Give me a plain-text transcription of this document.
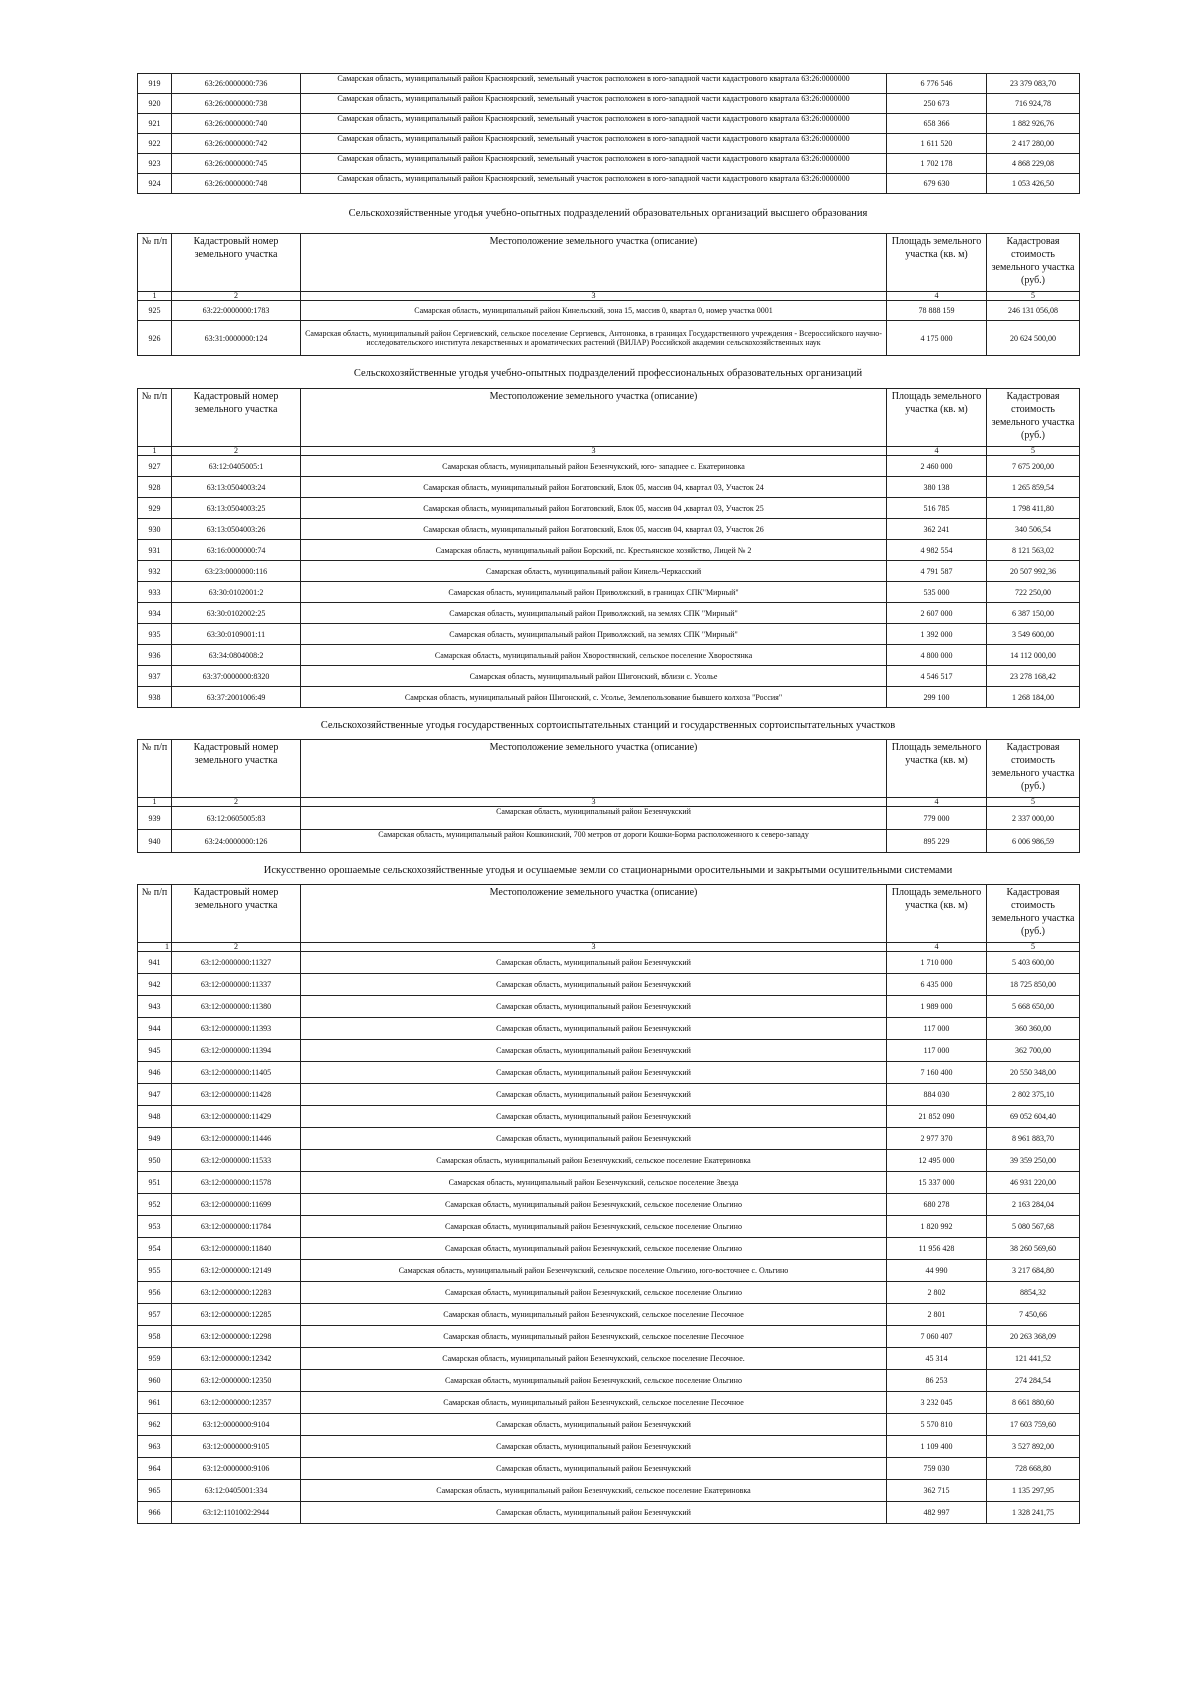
919	63:26:0000000:736	Самарская область, муниципальный район Красноярский, земельный участок расположен в юго-западной части кадастрового квартала 63:26:0000000	6 776 546	23 379 083,70
920	63:26:0000000:738	Самарская область, муниципальный район Красноярский, земельный участок расположен в юго-западной части кадастрового квартала 63:26:0000000	250 673	716 924,78
921	63:26:0000000:740	Самарская область, муниципальный район Красноярский, земельный участок расположен в юго-западной части кадастрового квартала 63:26:0000000	658 366	1 882 926,76
922	63:26:0000000:742	Самарская область, муниципальный район Красноярский, земельный участок расположен в юго-западной части кадастрового квартала 63:26:0000000	1 611 520	2 417 280,00
923	63:26:0000000:745	Самарская область, муниципальный район Красноярский, земельный участок расположен в юго-западной части кадастрового квартала 63:26:0000000	1 702 178	4 868 229,08
924	63:26:0000000:748	Самарская область, муниципальный район Красноярский, земельный участок расположен в юго-западной части кадастрового квартала 63:26:0000000	679 630	1 053 426,50

Сельскохозяйственные угодья учебно-опытных подразделений образовательных организаций высшего образования

№ п/п	Кадастровый номер земельного участка	Местоположение земельного участка (описание)	Площадь земельного участка (кв. м)	Кадастровая стоимость земельного участка (руб.)
1	2	3	4	5
925	63:22:0000000:1783	Самарская область, муниципальный район Кинельский, зона 15, массив 0, квартал 0, номер участка 0001	78 888 159	246 131 056,08
926	63:31:0000000:124	Самарская область, муниципальный район Сергиевский, сельское поселение Сергиевск, Антоновка, в границах Государственного учреждения - Всероссийского научно-исследовательского института лекарственных и ароматических растений (ВИЛАР) Российской академии сельскохозяйственных наук	4 175 000	20 624 500,00

Сельскохозяйственные угодья учебно-опытных подразделений профессиональных образовательных организаций

№ п/п	Кадастровый номер земельного участка	Местоположение земельного участка (описание)	Площадь земельного участка (кв. м)	Кадастровая стоимость земельного участка (руб.)
1	2	3	4	5
927	63:12:0405005:1	Самарская область, муниципальный район Безенчукский, юго- западнее с. Екатериновка	2 460 000	7 675 200,00
928	63:13:0504003:24	Самарская область, муниципальный район Богатовский, Блок 05, массив 04, квартал 03, Участок 24	380 138	1 265 859,54
929	63:13:0504003:25	Самарская область, муниципальный район Богатовский, Блок 05, массив 04 ,квартал 03, Участок 25	516 785	1 798 411,80
930	63:13:0504003:26	Самарская область, муниципальный район Богатовский, Блок 05, массив 04, квартал 03, Участок 26	362 241	340 506,54
931	63:16:0000000:74	Самарская область, муниципальный район Борский, пс. Крестьянское хозяйство, Лицей № 2	4 982 554	8 121 563,02
932	63:23:0000000:116	Самарская область, муниципальный район Кинель-Черкасский	4 791 587	20 507 992,36
933	63:30:0102001:2	Самарская область, муниципальный район Приволжский, в границах СПК"Мирный"	535 000	722 250,00
934	63:30:0102002:25	Самарская область, муниципальный район Приволжский, на землях СПК "Мирный"	2 607 000	6 387 150,00
935	63:30:0109001:11	Самарская область, муниципальный район Приволжский, на землях СПК "Мирный"	1 392 000	3 549 600,00
936	63:34:0804008:2	Самарская область, муниципальный район Хворостянский, сельское поселение Хворостянка	4 800 000	14 112 000,00
937	63:37:0000000:8320	Самарская область, муниципальный район Шигонский, вблизи с. Усолье	4 546 517	23 278 168,42
938	63:37:2001006:49	Самрская область, муниципальный район Шигонский, с. Усолье, Землепользование бывшего колхоза "Россия"	299 100	1 268 184,00

Сельскохозяйственные угодья государственных сортоиспытательных станций и государственных сортоиспытательных участков

№ п/п	Кадастровый номер земельного участка	Местоположение земельного участка (описание)	Площадь земельного участка (кв. м)	Кадастровая стоимость земельного участка (руб.)
1	2	3	4	5
939	63:12:0605005:83	Самарская область, муниципальный район Безенчукский	779 000	2 337 000,00
940	63:24:0000000:126	Самарская область, муниципальный район Кошкинский, 700 метров от дороги Кошки-Борма расположенного к северо-западу	895 229	6 006 986,59

Искусственно орошаемые сельскохозяйственные угодья и осушаемые земли со стационарными оросительными и закрытыми осушительными системами

№ п/п	Кадастровый номер земельного участка	Местоположение земельного участка (описание)	Площадь земельного участка (кв. м)	Кадастровая стоимость земельного участка (руб.)
1	2	3	4	5
941	63:12:0000000:11327	Самарская область, муниципальный район Безенчукский	1 710 000	5 403 600,00
942	63:12:0000000:11337	Самарская область, муниципальный район Безенчукский	6 435 000	18 725 850,00
943	63:12:0000000:11380	Самарская область, муниципальный район Безенчукский	1 989 000	5 668 650,00
944	63:12:0000000:11393	Самарская область, муниципальный район Безенчукский	117 000	360 360,00
945	63:12:0000000:11394	Самарская область, муниципальный район Безенчукский	117 000	362 700,00
946	63:12:0000000:11405	Самарская область, муниципальный район Безенчукский	7 160 400	20 550 348,00
947	63:12:0000000:11428	Самарская область, муниципальный район Безенчукский	884 030	2 802 375,10
948	63:12:0000000:11429	Самарская область, муниципальный район Безенчукский	21 852 090	69 052 604,40
949	63:12:0000000:11446	Самарская область, муниципальный район Безенчукский	2 977 370	8 961 883,70
950	63:12:0000000:11533	Самарская область, муниципальный район Безенчукский, сельское поселение Екатериновка	12 495 000	39 359 250,00
951	63:12:0000000:11578	Самарская область, муниципальный район Безенчукский, сельское поселение Звезда	15 337 000	46 931 220,00
952	63:12:0000000:11699	Самарская область, муниципальный район Безенчукский, сельское поселение Ольгино	680 278	2 163 284,04
953	63:12:0000000:11784	Самарская область, муниципальный район Безенчукский, сельское поселение Ольгино	1 820 992	5 080 567,68
954	63:12:0000000:11840	Самарская область, муниципальный район Безенчукский, сельское поселение Ольгино	11 956 428	38 260 569,60
955	63:12:0000000:12149	Самарская область, муниципальный район Безенчукский, сельское поселение Ольгино, юго-восточнее с. Ольгино	44 990	3 217 684,80
956	63:12:0000000:12283	Самарская область, муниципальный район Безенчукский, сельское поселение Ольгино	2 802	8854,32
957	63:12:0000000:12285	Самарская область, муниципальный район Безенчукский, сельское поселение Песочное	2 801	7 450,66
958	63:12:0000000:12298	Самарская область, муниципальный район Безенчукский, сельское поселение Песочное	7 060 407	20 263 368,09
959	63:12:0000000:12342	Самарская область, муниципальный район Безенчукский, сельское поселение Песочное.	45 314	121 441,52
960	63:12:0000000:12350	Самарская область, муниципальный район Безенчукский, сельское поселение Ольгино	86 253	274 284,54
961	63:12:0000000:12357	Самарская область, муниципальный район Безенчукский, сельское поселение Песочное	3 232 045	8 661 880,60
962	63:12:0000000:9104	Самарская область, муниципальный район Безенчукский	5 570 810	17 603 759,60
963	63:12:0000000:9105	Самарская область, муниципальный район Безенчукский	1 109 400	3 527 892,00
964	63:12:0000000:9106	Самарская область, муниципальный район Безенчукский	759 030	728 668,80
965	63:12:0405001:334	Самарская область, муниципальный район Безенчукский, сельское поселение Екатериновка	362 715	1 135 297,95
966	63:12:1101002:2944	Самарская область, муниципальный район Безенчукский	482 997	1 328 241,75
